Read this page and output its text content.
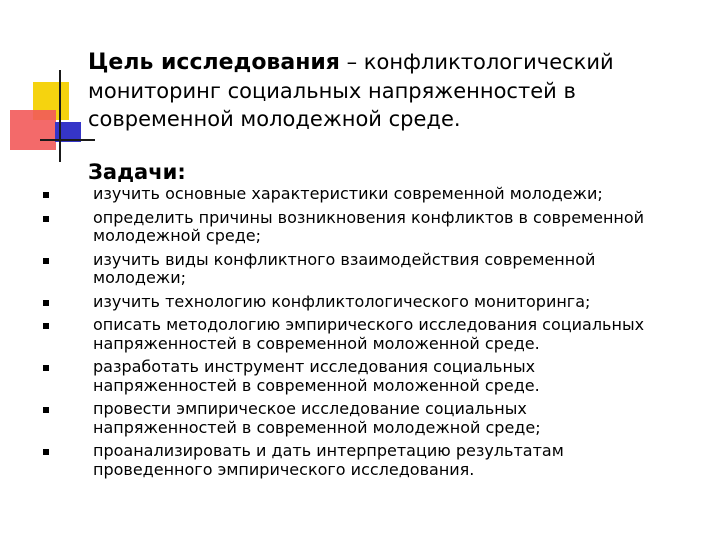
Цель исследования – конфликтологический мониторинг социальных напряженностей в современной молодежной среде.
Задачи:
изучить основные характеристики современной молодежи;
определить причины возникновения конфликтов в современной молодежной среде;
изучить виды конфликтного взаимодействия современной молодежи;
изучить технологию конфликтологического мониторинга;
описать методологию эмпирического исследования социальных напряженностей в современной моложенной среде.
разработать инструмент исследования социальных напряженностей в современной моложенной среде.
провести эмпирическое исследование социальных напряженностей в современной молодежной среде;
проанализировать и дать интерпретацию результатам проведенного эмпирического исследования.
